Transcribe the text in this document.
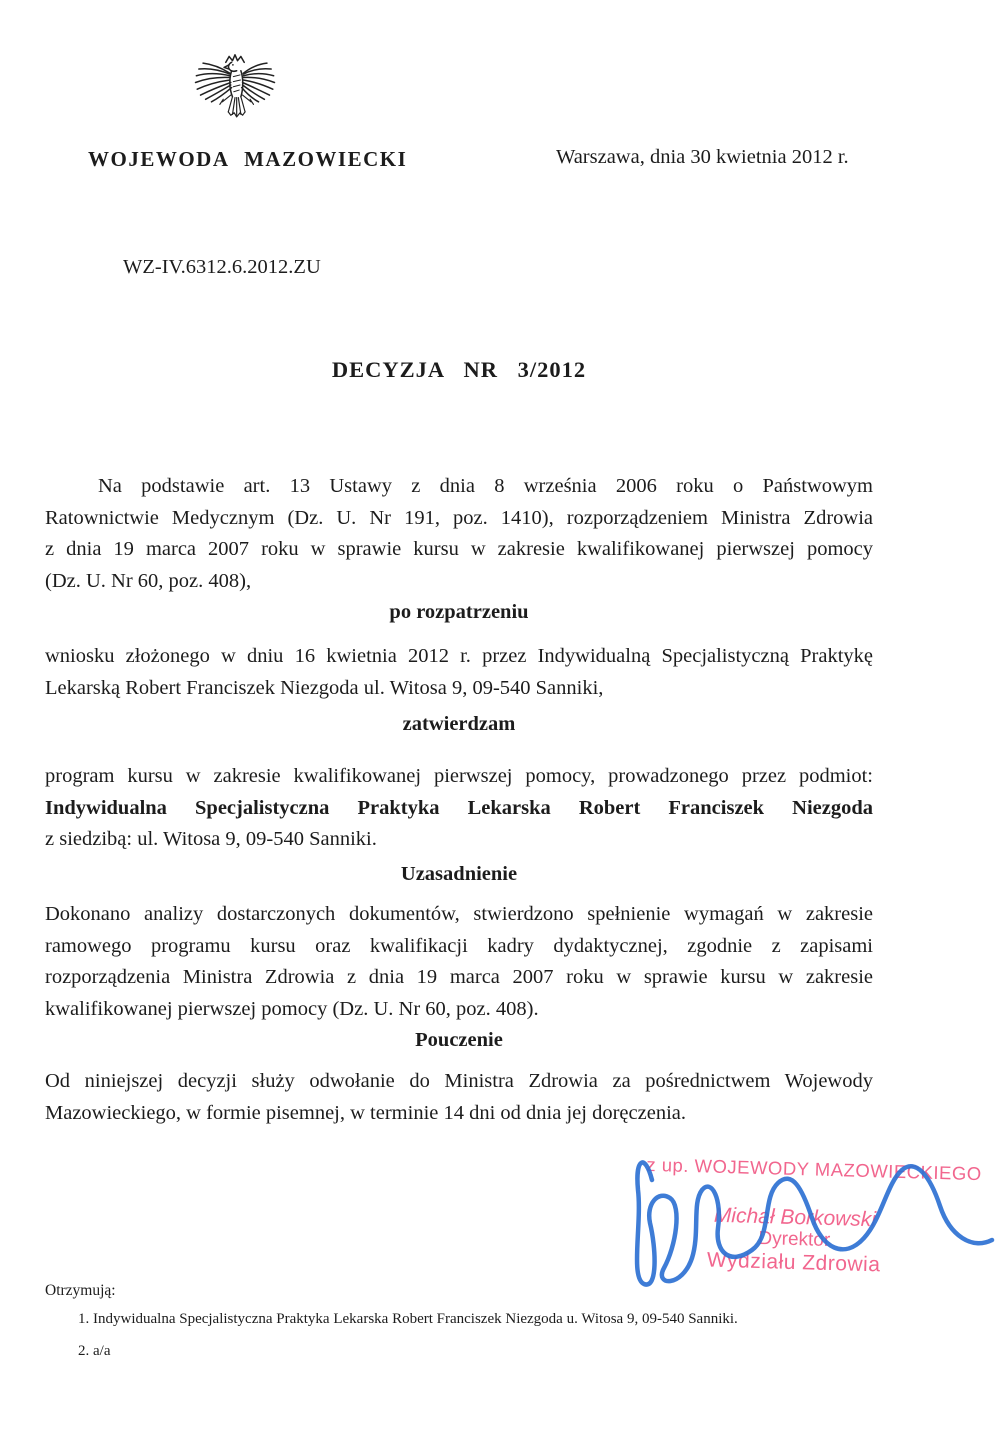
WOJEWODA MAZOWIECKI	Warszawa, dnia 30 kwietnia 2012 r.
WZ-IV.6312.6.2012.ZU
DECYZJA NR 3/2012
Na podstawie art. 13 Ustawy z dnia 8 września 2006 roku o Państwowym
Ratownictwie Medycznym (Dz. U. Nr 191, poz. 1410), rozporządzeniem Ministra Zdrowia
z dnia 19 marca 2007 roku w sprawie kursu w zakresie kwalifikowanej pierwszej pomocy
(Dz. U. Nr 60, poz. 408),
po rozpatrzeniu
wniosku złożonego w dniu 16 kwietnia 2012 r. przez Indywidualną Specjalistyczną Praktykę
Lekarską Robert Franciszek Niezgoda ul. Witosa 9, 09-540 Sanniki,
zatwierdzam
program kursu w zakresie kwalifikowanej pierwszej pomocy, prowadzonego przez podmiot:
Indywidualna Specjalistyczna Praktyka Lekarska Robert Franciszek Niezgoda
z siedzibą: ul. Witosa 9, 09-540 Sanniki.
Uzasadnienie
Dokonano analizy dostarczonych dokumentów, stwierdzono spełnienie wymagań w zakresie
ramowego programu kursu oraz kwalifikacji kadry dydaktycznej, zgodnie z zapisami
rozporządzenia Ministra Zdrowia z dnia 19 marca 2007 roku w sprawie kursu w zakresie
kwalifikowanej pierwszej pomocy (Dz. U. Nr 60, poz. 408).
Pouczenie
Od niniejszej decyzji służy odwołanie do Ministra Zdrowia za pośrednictwem Wojewody
Mazowieckiego, w formie pisemnej, w terminie 14 dni od dnia jej doręczenia.
z up. WOJEWODY MAZOWIECKIEGO
Michał Borkowski
Dyrektor
Wydziału Zdrowia
Otrzymują:
1. Indywidualna Specjalistyczna Praktyka Lekarska Robert Franciszek Niezgoda u. Witosa 9, 09-540 Sanniki.
2. a/a
